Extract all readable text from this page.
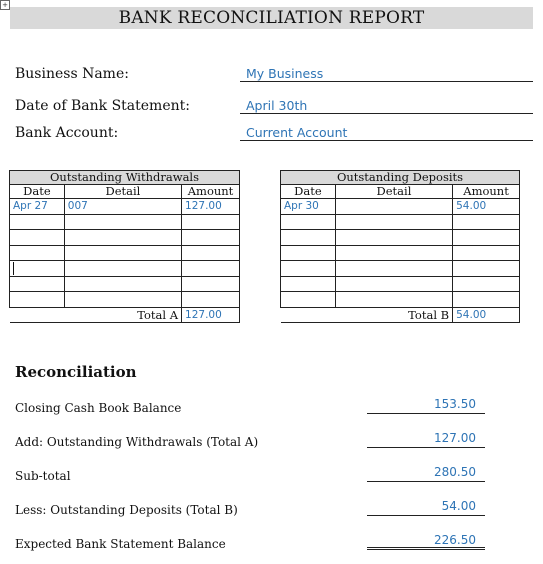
+
BANK RECONCILIATION REPORT
Business Name:	My Business
Date of Bank Statement:	April 30th
Bank Account:	Current Account
Outstanding Withdrawals		
Date	Detail	Amount
Apr 27	007	127.00

Total A		127.00
Outstanding Deposits		
Date	Detail	Amount
Apr 30		54.00

Total B		54.00
Reconciliation
Closing Cash Book Balance	153.50
Add: Outstanding Withdrawals (Total A)	127.00
Sub-total	280.50
Less: Outstanding Deposits (Total B)	54.00
Expected Bank Statement Balance	226.50
